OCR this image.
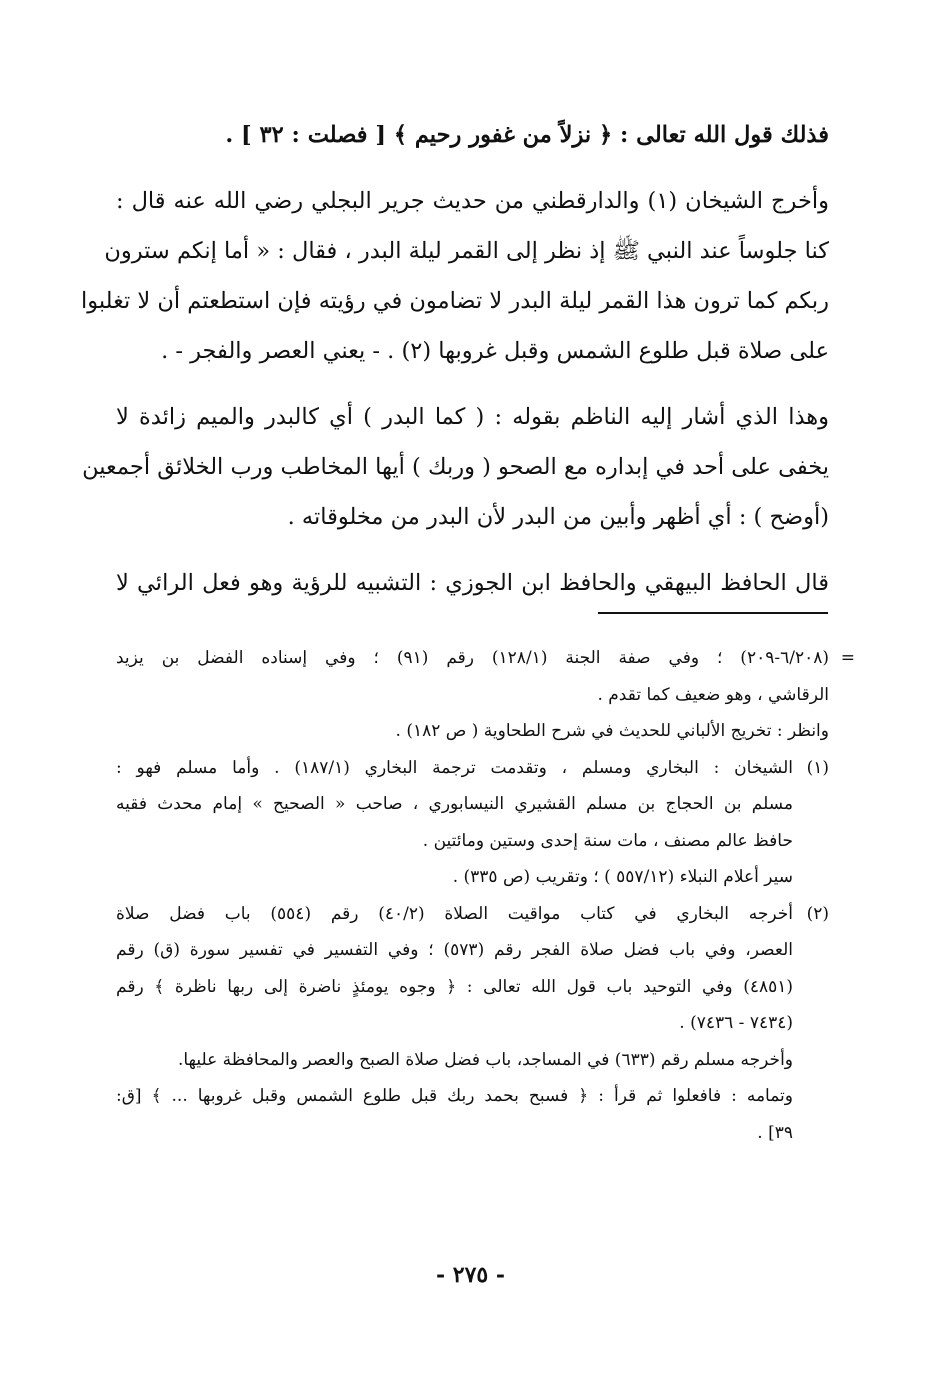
فذلك قول الله تعالى : ﴿ نزلاً من غفور رحيم ﴾ [ فصلت : ٣٢ ] .
وأخرج الشيخان (١) والدارقطني من حديث جرير البجلي رضي الله عنه قال :
كنا جلوساً عند النبي ﷺ إذ نظر إلى القمر ليلة البدر ، فقال : « أما إنكم سترون
ربكم كما ترون هذا القمر ليلة البدر لا تضامون في رؤيته فإن استطعتم أن لا تغلبوا
على صلاة قبل طلوع الشمس وقبل غروبها (٢) . - يعني العصر والفجر - .
وهذا الذي أشار إليه الناظم بقوله : ( كما البدر ) أي كالبدر والميم زائدة لا
يخفى على أحد في إبداره مع الصحو ( وربك ) أيها المخاطب ورب الخلائق أجمعين
(أوضح ) : أي أظهر وأبين من البدر لأن البدر من مخلوقاته .
قال الحافظ البيهقي والحافظ ابن الجوزي : التشبيه للرؤية وهو فعل الرائي لا
=
(٦/٢٠٨-٢٠٩) ؛ وفي صفة الجنة (١٢٨/١) رقم (٩١) ؛ وفي إسناده الفضل بن يزيد
الرقاشي ، وهو ضعيف كما تقدم .
وانظر : تخريج الألباني للحديث في شرح الطحاوية ( ص ١٨٢) .
(١)الشيخان : البخاري ومسلم ، وتقدمت ترجمة البخاري (١٨٧/١) . وأما مسلم فهو :
مسلم بن الحجاج بن مسلم القشيري النيسابوري ، صاحب « الصحيح » إمام محدث فقيه
حافظ عالم مصنف ، مات سنة إحدى وستين ومائتين .
سير أعلام النبلاء (٥٥٧/١٢ ) ؛ وتقريب (ص ٣٣٥) .
(٢)أخرجه البخاري في كتاب مواقيت الصلاة (٤٠/٢) رقم (٥٥٤) باب فضل صلاة
العصر، وفي باب فضل صلاة الفجر رقم (٥٧٣) ؛ وفي التفسير في تفسير سورة (ق) رقم
(٤٨٥١) وفي التوحيد باب قول الله تعالى : ﴿ وجوه يومئذٍ ناضرة إلى ربها ناظرة ﴾ رقم
(٧٤٣٤ - ٧٤٣٦) .
وأخرجه مسلم رقم (٦٣٣) في المساجد، باب فضل صلاة الصبح والعصر والمحافظة عليها.
وتمامه : فافعلوا ثم قرأ : ﴿ فسبح بحمد ربك قبل طلوع الشمس وقبل غروبها ... ﴾ [ق:
٣٩] .
- ٢٧٥ -
